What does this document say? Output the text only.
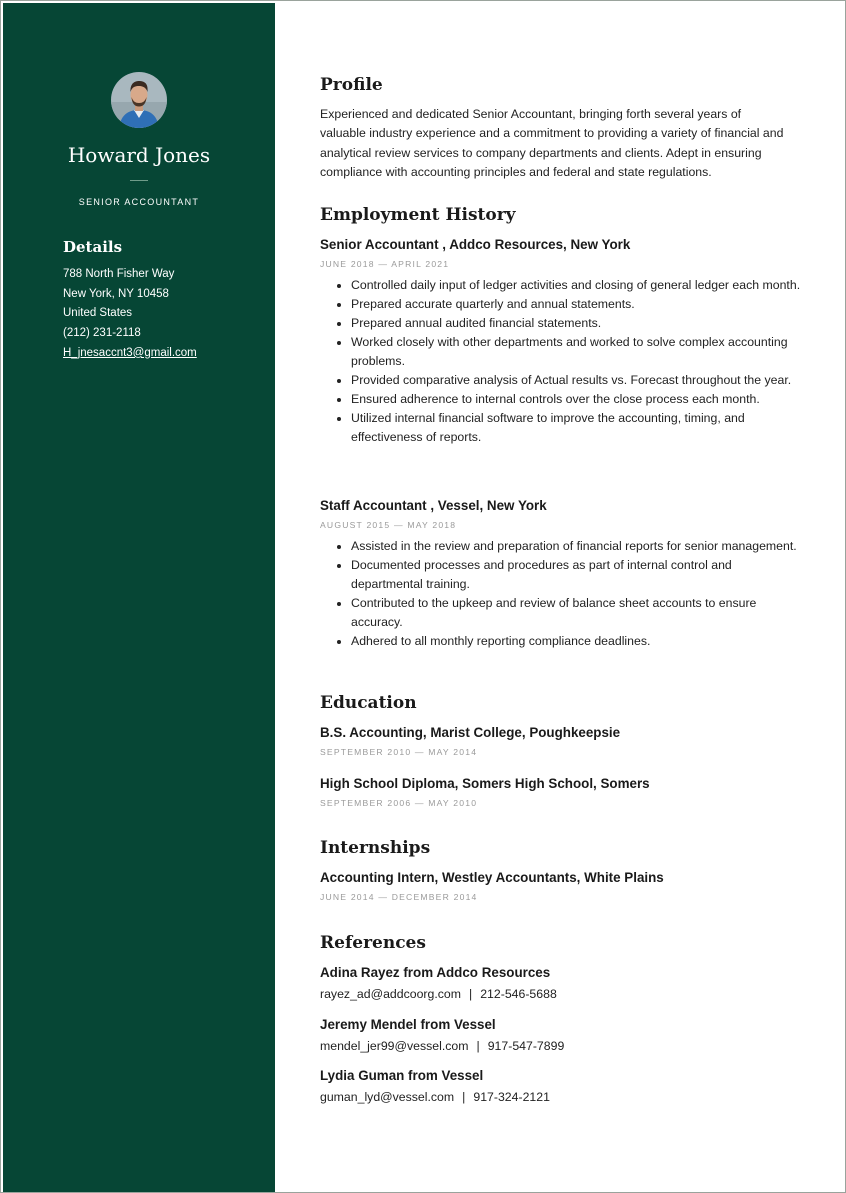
Howard Jones
SENIOR ACCOUNTANT
Details
788 North Fisher Way
New York, NY 10458
United States
(212) 231-2118
H_jnesaccnt3@gmail.com
Profile
Experienced and dedicated Senior Accountant, bringing forth several years of valuable industry experience and a commitment to providing a variety of financial and analytical review services to company departments and clients. Adept in ensuring compliance with accounting principles and federal and state regulations.
Employment History
Senior Accountant , Addco Resources, New York
JUNE 2018 — APRIL 2021
• Controlled daily input of ledger activities and closing of general ledger each month.
• Prepared accurate quarterly and annual statements.
• Prepared annual audited financial statements.
• Worked closely with other departments and worked to solve complex accounting problems.
• Provided comparative analysis of Actual results vs. Forecast throughout the year.
• Ensured adherence to internal controls over the close process each month.
• Utilized internal financial software to improve the accounting, timing, and effectiveness of reports.
Staff Accountant , Vessel, New York
AUGUST 2015 — MAY 2018
• Assisted in the review and preparation of financial reports for senior management.
• Documented processes and procedures as part of internal control and departmental training.
• Contributed to the upkeep and review of balance sheet accounts to ensure accuracy.
• Adhered to all monthly reporting compliance deadlines.
Education
B.S. Accounting, Marist College, Poughkeepsie
SEPTEMBER 2010 — MAY 2014
High School Diploma, Somers High School, Somers
SEPTEMBER 2006 — MAY 2010
Internships
Accounting Intern, Westley Accountants, White Plains
JUNE 2014 — DECEMBER 2014
References
Adina Rayez from Addco Resources
rayez_ad@addcoorg.com | 212-546-5688
Jeremy Mendel from Vessel
mendel_jer99@vessel.com | 917-547-7899
Lydia Guman from Vessel
guman_lyd@vessel.com | 917-324-2121
